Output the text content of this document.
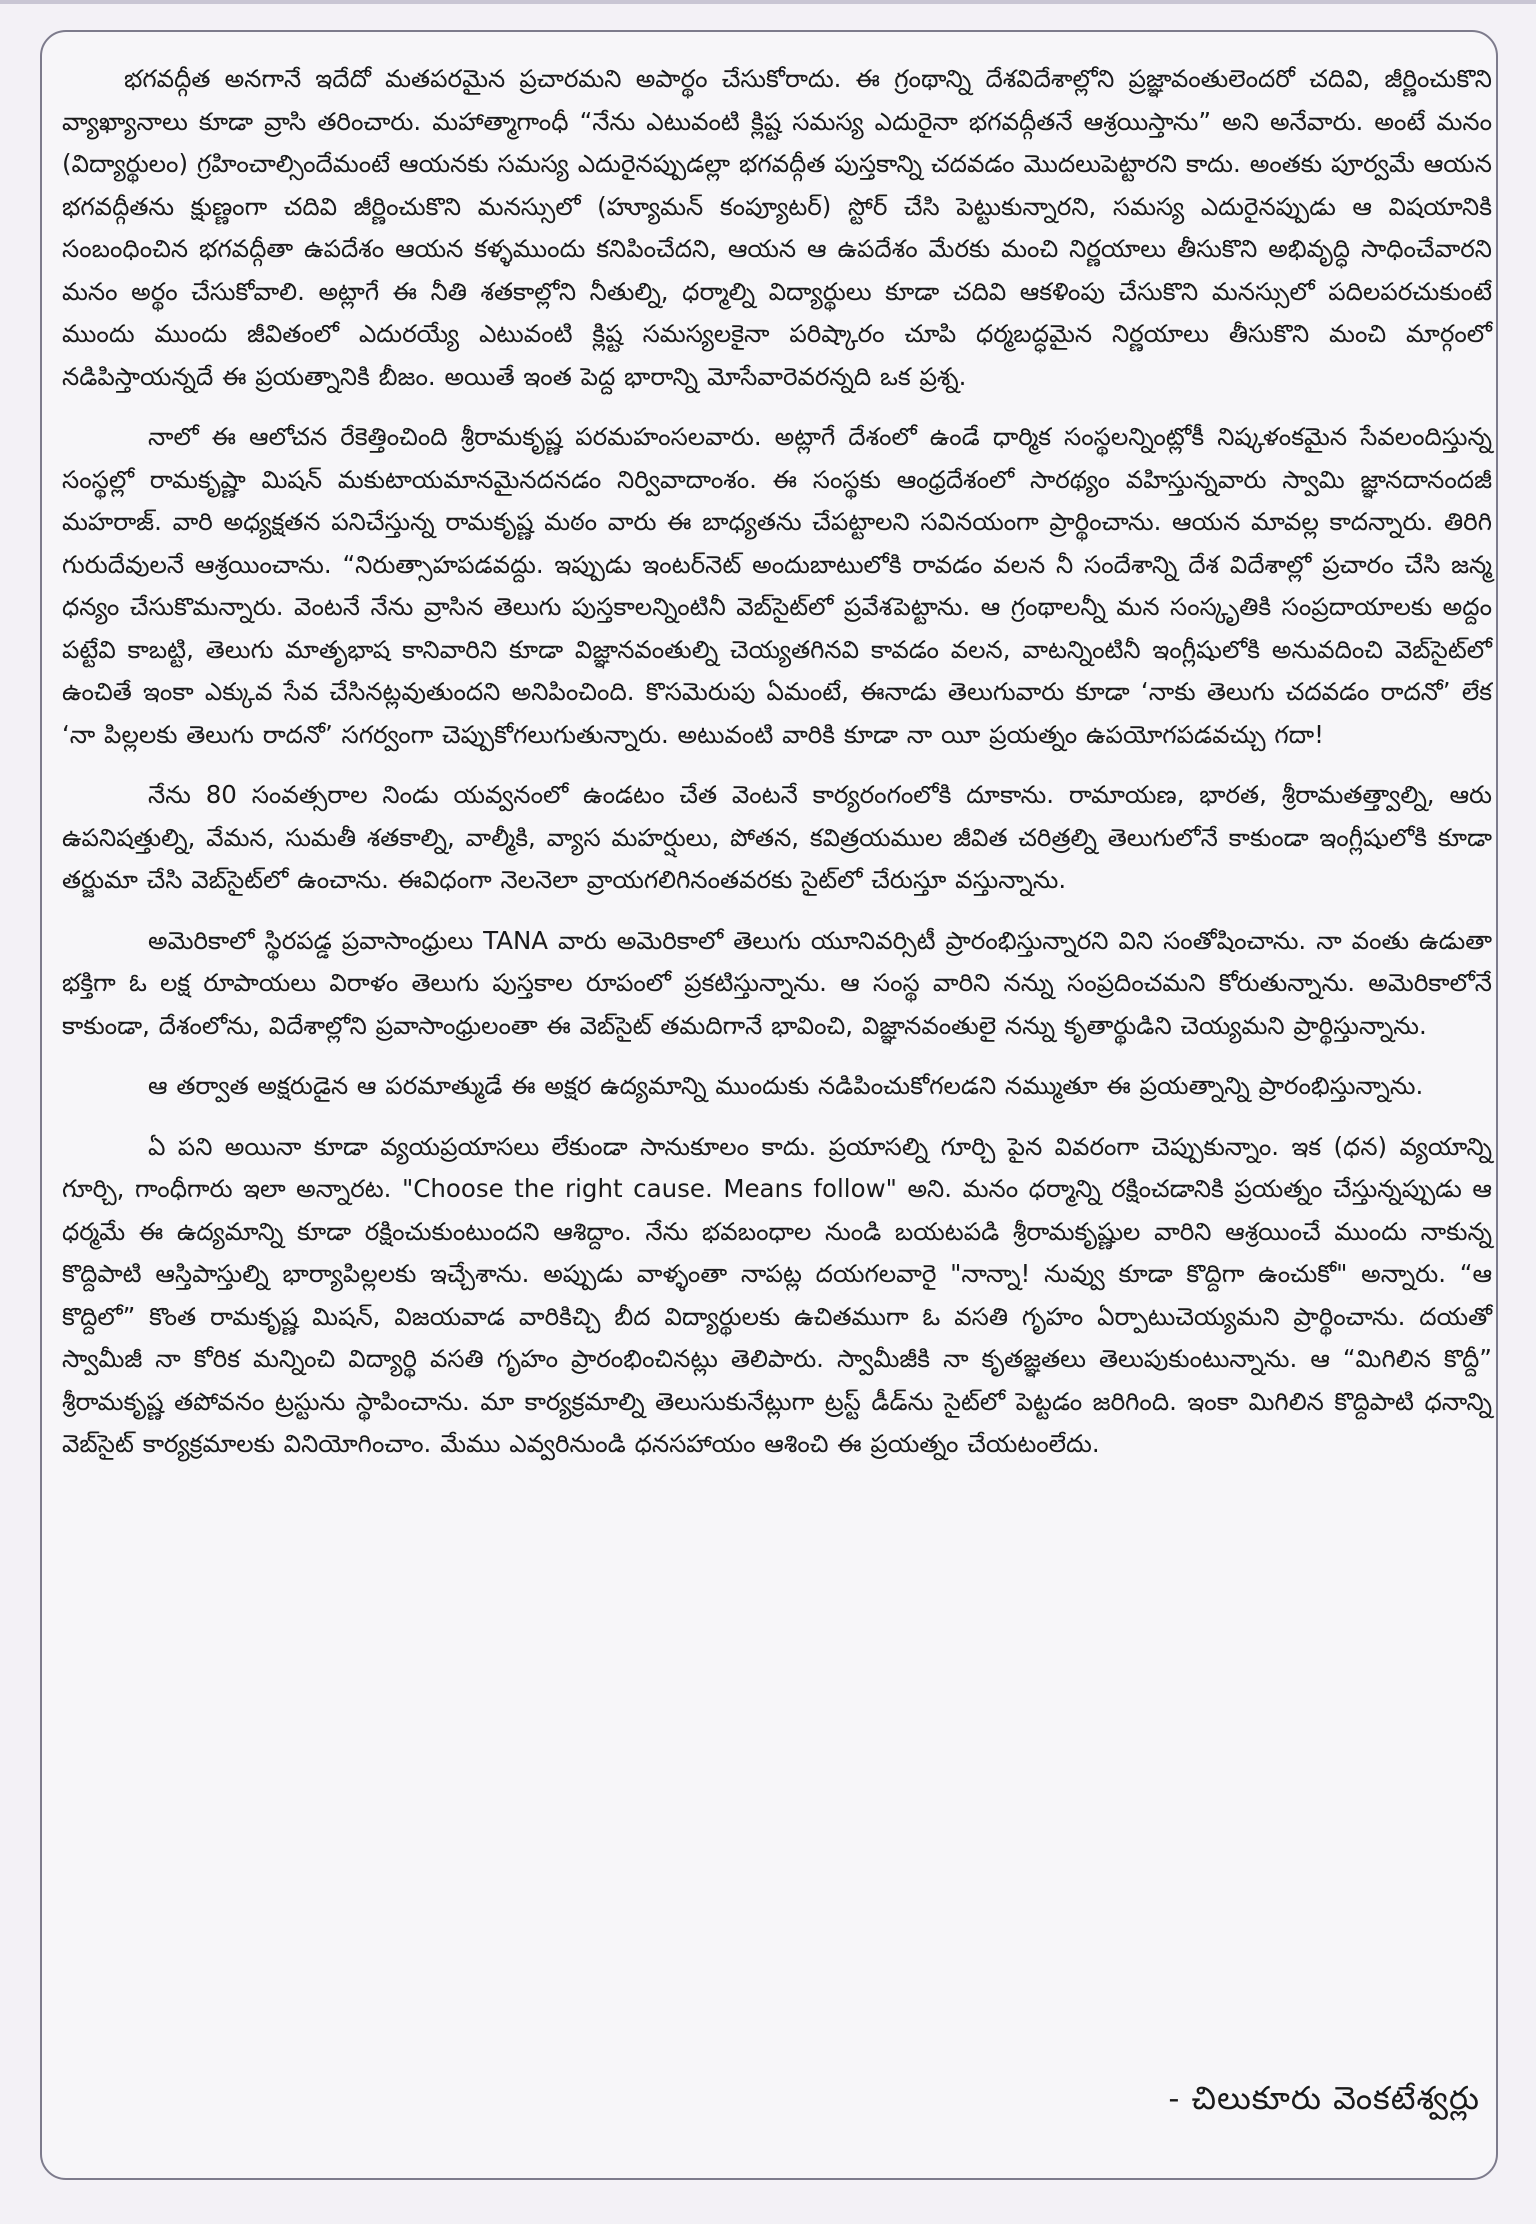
భగవద్గీత అనగానే ఇదేదో మతపరమైన ప్రచారమని అపార్థం చేసుకోరాదు. ఈ గ్రంథాన్ని దేశవిదేశాల్లోని ప్రజ్ఞావంతులెందరో చదివి, జీర్ణించుకొని వ్యాఖ్యానాలు కూడా వ్రాసి తరించారు. మహాత్మాగాంధీ “నేను ఎటువంటి క్లిష్ట సమస్య ఎదురైనా భగవద్గీతనే ఆశ్రయిస్తాను” అని అనేవారు. అంటే మనం (విద్యార్థులం) గ్రహించాల్సిందేమంటే ఆయనకు సమస్య ఎదురైనప్పుడల్లా భగవద్గీత పుస్తకాన్ని చదవడం మొదలుపెట్టారని కాదు. అంతకు పూర్వమే ఆయన భగవద్గీతను క్షుణ్ణంగా చదివి జీర్ణించుకొని మనస్సులో (హ్యూమన్ కంప్యూటర్) స్టోర్ చేసి పెట్టుకున్నారని, సమస్య ఎదురైనప్పుడు ఆ విషయానికి సంబంధించిన భగవద్గీతా ఉపదేశం ఆయన కళ్ళముందు కనిపించేదని, ఆయన ఆ ఉపదేశం మేరకు మంచి నిర్ణయాలు తీసుకొని అభివృద్ధి సాధించేవారని మనం అర్థం చేసుకోవాలి. అట్లాగే ఈ నీతి శతకాల్లోని నీతుల్ని, ధర్మాల్ని విద్యార్థులు కూడా చదివి ఆకళింపు చేసుకొని మనస్సులో పదిలపరచుకుంటే ముందు ముందు జీవితంలో ఎదురయ్యే ఎటువంటి క్లిష్ట సమస్యలకైనా పరిష్కారం చూపి ధర్మబద్ధమైన నిర్ణయాలు తీసుకొని మంచి మార్గంలో నడిపిస్తాయన్నదే ఈ ప్రయత్నానికి బీజం. అయితే ఇంత పెద్ద భారాన్ని మోసేవారెవరన్నది ఒక ప్రశ్న.

నాలో ఈ ఆలోచన రేకెత్తించింది శ్రీరామకృష్ణ పరమహంసలవారు. అట్లాగే దేశంలో ఉండే ధార్మిక సంస్థలన్నింట్లోకీ నిష్కళంకమైన సేవలందిస్తున్న సంస్థల్లో రామకృష్ణా మిషన్ మకుటాయమానమైనదనడం నిర్వివాదాంశం. ఈ సంస్థకు ఆంధ్రదేశంలో సారథ్యం వహిస్తున్నవారు స్వామి జ్ఞానదానందజీ మహరాజ్. వారి అధ్యక్షతన పనిచేస్తున్న రామకృష్ణ మఠం వారు ఈ బాధ్యతను చేపట్టాలని సవినయంగా ప్రార్థించాను. ఆయన మావల్ల కాదన్నారు. తిరిగి గురుదేవులనే ఆశ్రయించాను. “నిరుత్సాహపడవద్దు. ఇప్పుడు ఇంటర్‌నెట్ అందుబాటులోకి రావడం వలన నీ సందేశాన్ని దేశ విదేశాల్లో ప్రచారం చేసి జన్మ ధన్యం చేసుకొమన్నారు. వెంటనే నేను వ్రాసిన తెలుగు పుస్తకాలన్నింటినీ వెబ్‌సైట్‌లో ప్రవేశపెట్టాను. ఆ గ్రంథాలన్నీ మన సంస్కృతికి సంప్రదాయాలకు అద్దం పట్టేవి కాబట్టి, తెలుగు మాతృభాష కానివారిని కూడా విజ్ఞానవంతుల్ని చెయ్యతగినవి కావడం వలన, వాటన్నింటినీ ఇంగ్లీషులోకి అనువదించి వెబ్‌సైట్‌లో ఉంచితే ఇంకా ఎక్కువ సేవ చేసినట్లవుతుందని అనిపించింది. కొసమెరుపు ఏమంటే, ఈనాడు తెలుగువారు కూడా ‘నాకు తెలుగు చదవడం రాదనో’ లేక ‘నా పిల్లలకు తెలుగు రాదనో’ సగర్వంగా చెప్పుకోగలుగుతున్నారు. అటువంటి వారికి కూడా నా యీ ప్రయత్నం ఉపయోగపడవచ్చు గదా!

నేను 80 సంవత్సరాల నిండు యవ్వనంలో ఉండటం చేత వెంటనే కార్యరంగంలోకి దూకాను. రామాయణ, భారత, శ్రీరామతత్త్వాల్ని, ఆరు ఉపనిషత్తుల్ని, వేమన, సుమతీ శతకాల్ని, వాల్మీకి, వ్యాస మహర్షులు, పోతన, కవిత్రయముల జీవిత చరిత్రల్ని తెలుగులోనే కాకుండా ఇంగ్లీషులోకి కూడా తర్జుమా చేసి వెబ్‌సైట్‌లో ఉంచాను. ఈవిధంగా నెలనెలా వ్రాయగలిగినంతవరకు సైట్‌లో చేరుస్తూ వస్తున్నాను.

అమెరికాలో స్థిరపడ్డ ప్రవాసాంధ్రులు TANA వారు అమెరికాలో తెలుగు యూనివర్సిటీ ప్రారంభిస్తున్నారని విని సంతోషించాను. నా వంతు ఉడుతా భక్తిగా ఓ లక్ష రూపాయలు విరాళం తెలుగు పుస్తకాల రూపంలో ప్రకటిస్తున్నాను. ఆ సంస్థ వారిని నన్ను సంప్రదించమని కోరుతున్నాను. అమెరికాలోనే కాకుండా, దేశంలోను, విదేశాల్లోని ప్రవాసాంధ్రులంతా ఈ వెబ్‌సైట్ తమదిగానే భావించి, విజ్ఞానవంతులై నన్ను కృతార్థుడిని చెయ్యమని ప్రార్థిస్తున్నాను.

ఆ తర్వాత అక్షరుడైన ఆ పరమాత్ముడే ఈ అక్షర ఉద్యమాన్ని ముందుకు నడిపించుకోగలడని నమ్ముతూ ఈ ప్రయత్నాన్ని ప్రారంభిస్తున్నాను.

ఏ పని అయినా కూడా వ్యయప్రయాసలు లేకుండా సానుకూలం కాదు. ప్రయాసల్ని గూర్చి పైన వివరంగా చెప్పుకున్నాం. ఇక (ధన) వ్యయాన్ని గూర్చి, గాంధీగారు ఇలా అన్నారట. "Choose the right cause. Means follow" అని. మనం ధర్మాన్ని రక్షించడానికి ప్రయత్నం చేస్తున్నప్పుడు ఆ ధర్మమే ఈ ఉద్యమాన్ని కూడా రక్షించుకుంటుందని ఆశిద్దాం. నేను భవబంధాల నుండి బయటపడి శ్రీరామకృష్ణుల వారిని ఆశ్రయించే ముందు నాకున్న కొద్దిపాటి ఆస్తిపాస్తుల్ని భార్యాపిల్లలకు ఇచ్చేశాను. అప్పుడు వాళ్ళంతా నాపట్ల దయగలవారై "నాన్నా! నువ్వు కూడా కొద్దిగా ఉంచుకో" అన్నారు. “ఆ కొద్దిలో” కొంత రామకృష్ణ మిషన్, విజయవాడ వారికిచ్చి బీద విద్యార్థులకు ఉచితముగా ఓ వసతి గృహం ఏర్పాటుచెయ్యమని ప్రార్థించాను. దయతో స్వామీజీ నా కోరిక మన్నించి విద్యార్థి వసతి గృహం ప్రారంభించినట్లు తెలిపారు. స్వామీజీకి నా కృతజ్ఞతలు తెలుపుకుంటున్నాను. ఆ “మిగిలిన కొద్దీ” శ్రీరామకృష్ణ తపోవనం ట్రస్టును స్థాపించాను. మా కార్యక్రమాల్ని తెలుసుకునేట్లుగా ట్రస్ట్ డీడ్‌ను సైట్‌లో పెట్టడం జరిగింది. ఇంకా మిగిలిన కొద్దిపాటి ధనాన్ని వెబ్‌సైట్ కార్యక్రమాలకు వినియోగించాం. మేము ఎవ్వరినుండి ధనసహాయం ఆశించి ఈ ప్రయత్నం చేయటంలేదు.

- చిలుకూరు వెంకటేశ్వర్లు
